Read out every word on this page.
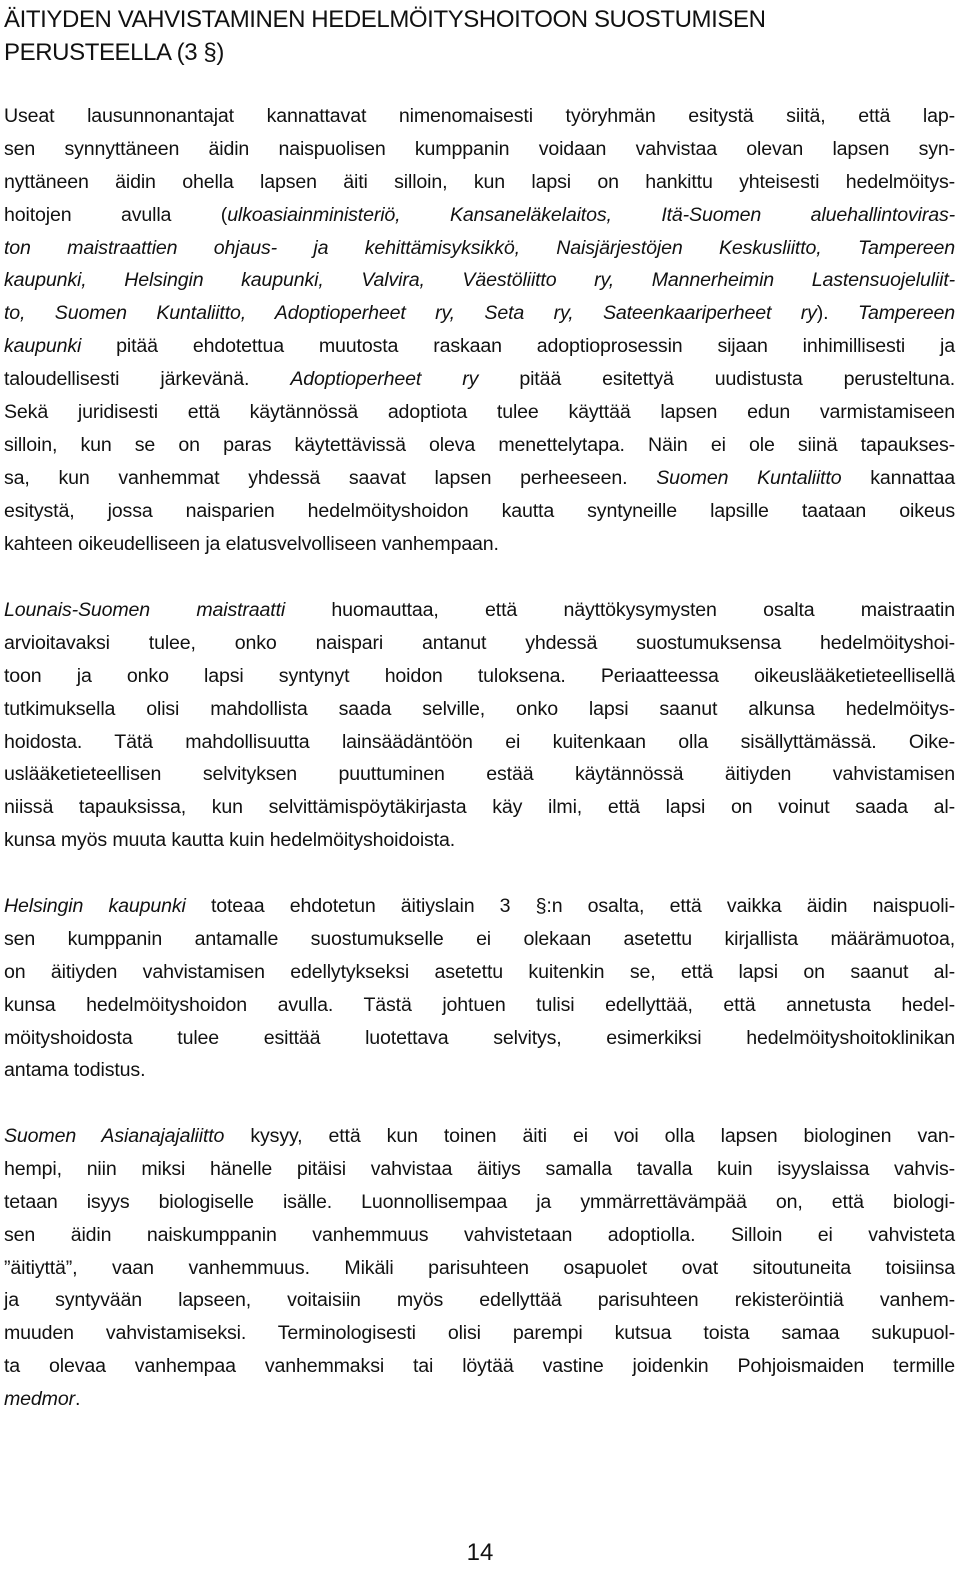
ÄITIYDEN VAHVISTAMINEN HEDELMÖITYSHOITOON SUOSTUMISEN
PERUSTEELLA (3 §)
Useat lausunnonantajat kannattavat nimenomaisesti työryhmän esitystä siitä, että lap-
sen synnyttäneen äidin naispuolisen kumppanin voidaan vahvistaa olevan lapsen syn-
nyttäneen äidin ohella lapsen äiti silloin, kun lapsi on hankittu yhteisesti hedelmöitys-
hoitojen avulla (ulkoasiainministeriö, Kansaneläkelaitos, Itä-Suomen aluehallintoviras-
ton maistraattien ohjaus- ja kehittämisyksikkö, Naisjärjestöjen Keskusliitto, Tampereen
kaupunki, Helsingin kaupunki, Valvira, Väestöliitto ry, Mannerheimin Lastensuojeluliit-
to, Suomen Kuntaliitto, Adoptioperheet ry, Seta ry, Sateenkaariperheet ry). Tampereen
kaupunki pitää ehdotettua muutosta raskaan adoptioprosessin sijaan inhimillisesti ja
taloudellisesti järkevänä. Adoptioperheet ry pitää esitettyä uudistusta perusteltuna.
Sekä juridisesti että käytännössä adoptiota tulee käyttää lapsen edun varmistamiseen
silloin, kun se on paras käytettävissä oleva menettelytapa. Näin ei ole siinä tapaukses-
sa, kun vanhemmat yhdessä saavat lapsen perheeseen. Suomen Kuntaliitto kannattaa
esitystä, jossa naisparien hedelmöityshoidon kautta syntyneille lapsille taataan oikeus
kahteen oikeudelliseen ja elatusvelvolliseen vanhempaan.
Lounais-Suomen maistraatti huomauttaa, että näyttökysymysten osalta maistraatin
arvioitavaksi tulee, onko naispari antanut yhdessä suostumuksensa hedelmöityshoi-
toon ja onko lapsi syntynyt hoidon tuloksena. Periaatteessa oikeuslääketieteellisellä
tutkimuksella olisi mahdollista saada selville, onko lapsi saanut alkunsa hedelmöitys-
hoidosta. Tätä mahdollisuutta lainsäädäntöön ei kuitenkaan olla sisällyttämässä. Oike-
uslääketieteellisen selvityksen puuttuminen estää käytännössä äitiyden vahvistamisen
niissä tapauksissa, kun selvittämispöytäkirjasta käy ilmi, että lapsi on voinut saada al-
kunsa myös muuta kautta kuin hedelmöityshoidoista.
Helsingin kaupunki toteaa ehdotetun äitiyslain 3 §:n osalta, että vaikka äidin naispuoli-
sen kumppanin antamalle suostumukselle ei olekaan asetettu kirjallista määrämuotoa,
on äitiyden vahvistamisen edellytykseksi asetettu kuitenkin se, että lapsi on saanut al-
kunsa hedelmöityshoidon avulla. Tästä johtuen tulisi edellyttää, että annetusta hedel-
möityshoidosta tulee esittää luotettava selvitys, esimerkiksi hedelmöityshoitoklinikan
antama todistus.
Suomen Asianajajaliitto kysyy, että kun toinen äiti ei voi olla lapsen biologinen van-
hempi, niin miksi hänelle pitäisi vahvistaa äitiys samalla tavalla kuin isyyslaissa vahvis-
tetaan isyys biologiselle isälle. Luonnollisempaa ja ymmärrettävämpää on, että biologi-
sen äidin naiskumppanin vanhemmuus vahvistetaan adoptiolla. Silloin ei vahvisteta
”äitiyttä”, vaan vanhemmuus. Mikäli parisuhteen osapuolet ovat sitoutuneita toisiinsa
ja syntyvään lapseen, voitaisiin myös edellyttää parisuhteen rekisteröintiä vanhem-
muuden vahvistamiseksi. Terminologisesti olisi parempi kutsua toista samaa sukupuol-
ta olevaa vanhempaa vanhemmaksi tai löytää vastine joidenkin Pohjoismaiden termille
medmor.
14
